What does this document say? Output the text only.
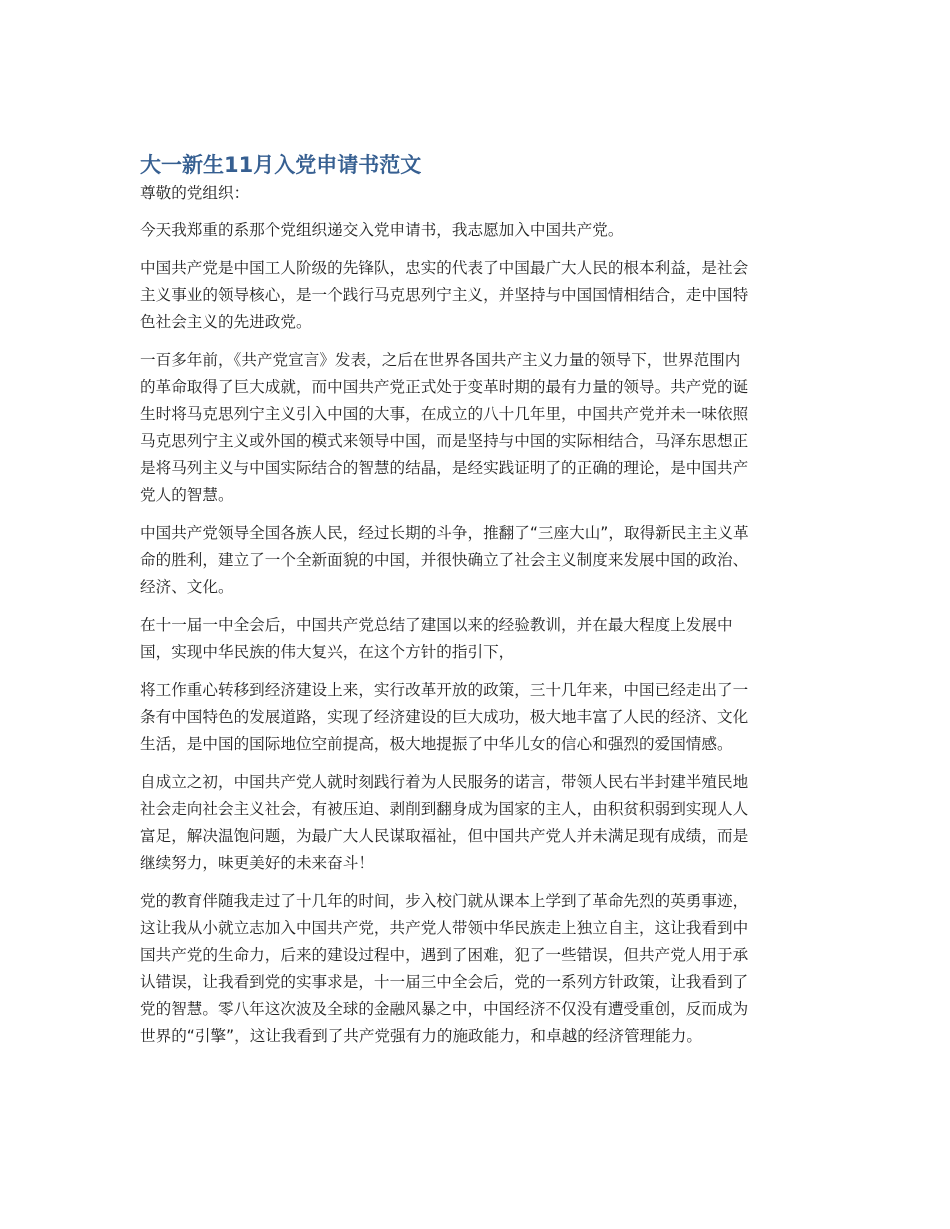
大一新生11月入党申请书范文

尊敬的党组织：

今天我郑重的系那个党组织递交入党申请书，我志愿加入中国共产党。

中国共产党是中国工人阶级的先锋队，忠实的代表了中国最广大人民的根本利益，是社会
主义事业的领导核心，是一个践行马克思列宁主义，并坚持与中国国情相结合，走中国特
色社会主义的先进政党。

一百多年前，《共产党宣言》发表，之后在世界各国共产主义力量的领导下，世界范围内
的革命取得了巨大成就，而中国共产党正式处于变革时期的最有力量的领导。共产党的诞
生时将马克思列宁主义引入中国的大事，在成立的八十几年里，中国共产党并未一味依照
马克思列宁主义或外国的模式来领导中国，而是坚持与中国的实际相结合，马泽东思想正
是将马列主义与中国实际结合的智慧的结晶，是经实践证明了的正确的理论，是中国共产
党人的智慧。

中国共产党领导全国各族人民，经过长期的斗争，推翻了“三座大山”，取得新民主主义革
命的胜利，建立了一个全新面貌的中国，并很快确立了社会主义制度来发展中国的政治、
经济、文化。

在十一届一中全会后，中国共产党总结了建国以来的经验教训，并在最大程度上发展中
国，实现中华民族的伟大复兴，在这个方针的指引下，

将工作重心转移到经济建设上来，实行改革开放的政策，三十几年来，中国已经走出了一
条有中国特色的发展道路，实现了经济建设的巨大成功，极大地丰富了人民的经济、文化
生活，是中国的国际地位空前提高，极大地提振了中华儿女的信心和强烈的爱国情感。

自成立之初，中国共产党人就时刻践行着为人民服务的诺言，带领人民右半封建半殖民地
社会走向社会主义社会，有被压迫、剥削到翻身成为国家的主人，由积贫积弱到实现人人
富足，解决温饱问题，为最广大人民谋取福祉，但中国共产党人并未满足现有成绩，而是
继续努力，味更美好的未来奋斗！

党的教育伴随我走过了十几年的时间，步入校门就从课本上学到了革命先烈的英勇事迹，
这让我从小就立志加入中国共产党，共产党人带领中华民族走上独立自主，这让我看到中
国共产党的生命力，后来的建设过程中，遇到了困难，犯了一些错误，但共产党人用于承
认错误，让我看到党的实事求是，十一届三中全会后，党的一系列方针政策，让我看到了
党的智慧。零八年这次波及全球的金融风暴之中，中国经济不仅没有遭受重创，反而成为
世界的“引擎”，这让我看到了共产党强有力的施政能力，和卓越的经济管理能力。
